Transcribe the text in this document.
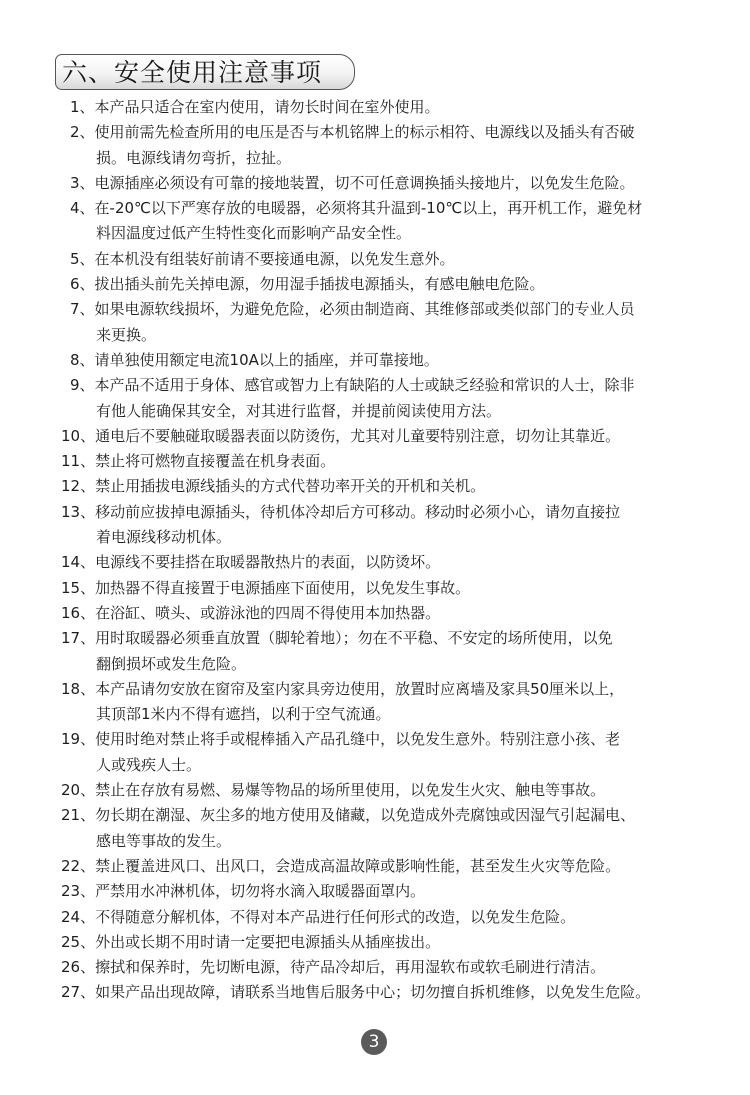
六、安全使用注意事项
1、本产品只适合在室内使用，请勿长时间在室外使用。
2、使用前需先检查所用的电压是否与本机铭牌上的标示相符、电源线以及插头有否破
损。电源线请勿弯折，拉扯。
3、电源插座必须设有可靠的接地装置，切不可任意调换插头接地片，以免发生危险。
4、在-20℃以下严寒存放的电暖器，必须将其升温到-10℃以上，再开机工作，避免材
料因温度过低产生特性变化而影响产品安全性。
5、在本机没有组装好前请不要接通电源，以免发生意外。
6、拔出插头前先关掉电源，勿用湿手插拔电源插头，有感电触电危险。
7、如果电源软线损坏，为避免危险，必须由制造商、其维修部或类似部门的专业人员
来更换。
8、请单独使用额定电流10A以上的插座，并可靠接地。
9、本产品不适用于身体、感官或智力上有缺陷的人士或缺乏经验和常识的人士，除非
有他人能确保其安全，对其进行监督，并提前阅读使用方法。
10、通电后不要触碰取暖器表面以防烫伤，尤其对儿童要特别注意，切勿让其靠近。
11、禁止将可燃物直接覆盖在机身表面。
12、禁止用插拔电源线插头的方式代替功率开关的开机和关机。
13、移动前应拔掉电源插头，待机体冷却后方可移动。移动时必须小心，请勿直接拉
着电源线移动机体。
14、电源线不要挂搭在取暖器散热片的表面，以防烫坏。
15、加热器不得直接置于电源插座下面使用，以免发生事故。
16、在浴缸、喷头、或游泳池的四周不得使用本加热器。
17、用时取暖器必须垂直放置（脚轮着地）；勿在不平稳、不安定的场所使用，以免
翻倒损坏或发生危险。
18、本产品请勿安放在窗帘及室内家具旁边使用，放置时应离墙及家具50厘米以上，
其顶部1米内不得有遮挡，以利于空气流通。
19、使用时绝对禁止将手或棍棒插入产品孔缝中，以免发生意外。特别注意小孩、老
人或残疾人士。
20、禁止在存放有易燃、易爆等物品的场所里使用，以免发生火灾、触电等事故。
21、勿长期在潮湿、灰尘多的地方使用及储藏，以免造成外壳腐蚀或因湿气引起漏电、
感电等事故的发生。
22、禁止覆盖进风口、出风口，会造成高温故障或影响性能，甚至发生火灾等危险。
23、严禁用水冲淋机体，切勿将水滴入取暖器面罩内。
24、不得随意分解机体，不得对本产品进行任何形式的改造，以免发生危险。
25、外出或长期不用时请一定要把电源插头从插座拔出。
26、擦拭和保养时，先切断电源，待产品冷却后，再用湿软布或软毛刷进行清洁。
27、如果产品出现故障，请联系当地售后服务中心；切勿擅自拆机维修，以免发生危险。
3
